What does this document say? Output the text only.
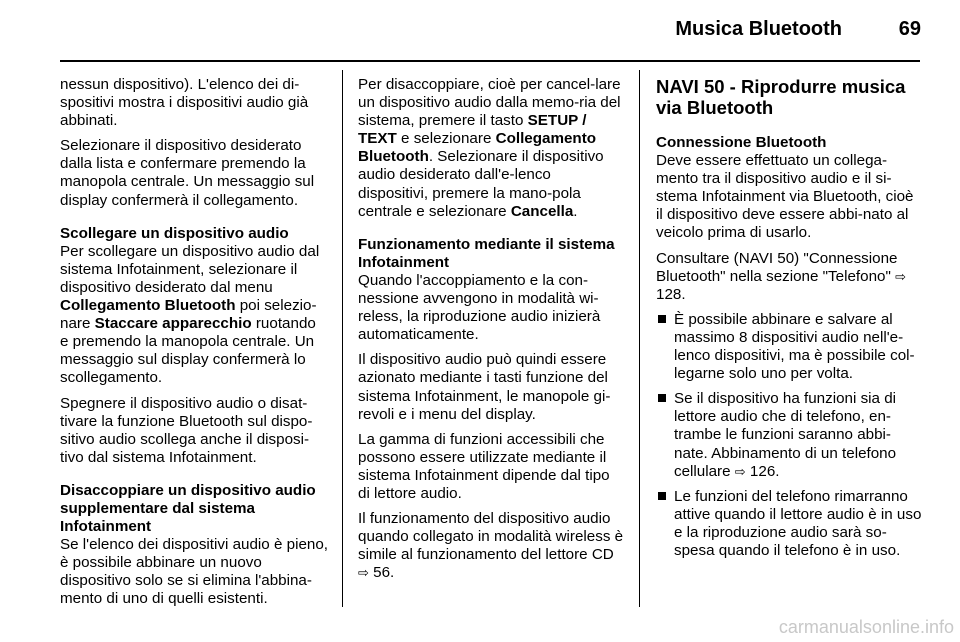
Musica Bluetooth	69

nessun dispositivo). L'elenco dei di-spositivi mostra i dispositivi audio già abbinati.

Selezionare il dispositivo desiderato dalla lista e confermare premendo la manopola centrale. Un messaggio sul display confermerà il collegamento.

Scollegare un dispositivo audio

Per scollegare un dispositivo audio dal sistema Infotainment, selezionare il dispositivo desiderato dal menu Collegamento Bluetooth poi selezio-nare Staccare apparecchio ruotando e premendo la manopola centrale. Un messaggio sul display confermerà lo scollegamento.

Spegnere il dispositivo audio o disat-tivare la funzione Bluetooth sul dispo-sitivo audio scollega anche il disposi-tivo dal sistema Infotainment.

Disaccoppiare un dispositivo audio supplementare dal sistema Infotainment

Se l'elenco dei dispositivi audio è pieno, è possibile abbinare un nuovo dispositivo solo se si elimina l'abbina-mento di uno di quelli esistenti.

Per disaccoppiare, cioè per cancel-lare un dispositivo audio dalla memo-ria del sistema, premere il tasto SETUP / TEXT e selezionare Collegamento Bluetooth. Selezionare il dispositivo audio desiderato dall'e-lenco dispositivi, premere la mano-pola centrale e selezionare Cancella.

Funzionamento mediante il sistema Infotainment

Quando l'accoppiamento e la con-nessione avvengono in modalità wi-reless, la riproduzione audio inizierà automaticamente.

Il dispositivo audio può quindi essere azionato mediante i tasti funzione del sistema Infotainment, le manopole gi-revoli e i menu del display.

La gamma di funzioni accessibili che possono essere utilizzate mediante il sistema Infotainment dipende dal tipo di lettore audio.

Il funzionamento del dispositivo audio quando collegato in modalità wireless è simile al funzionamento del lettore CD ⇨ 56.

NAVI 50 - Riprodurre musica via Bluetooth
Connessione Bluetooth

Deve essere effettuato un collega-mento tra il dispositivo audio e il si-stema Infotainment via Bluetooth, cioè il dispositivo deve essere abbi-nato al veicolo prima di usarlo.

Consultare (NAVI 50) "Connessione Bluetooth" nella sezione "Telefono" ⇨ 128.

È possibile abbinare e salvare al massimo 8 dispositivi audio nell'e-lenco dispositivi, ma è possibile col-legarne solo uno per volta.
Se il dispositivo ha funzioni sia di lettore audio che di telefono, en-trambe le funzioni saranno abbi-nate. Abbinamento di un telefono cellulare ⇨ 126.
Le funzioni del telefono rimarranno attive quando il lettore audio è in uso e la riproduzione audio sarà so-spesa quando il telefono è in uso.
carmanualsonline.info
